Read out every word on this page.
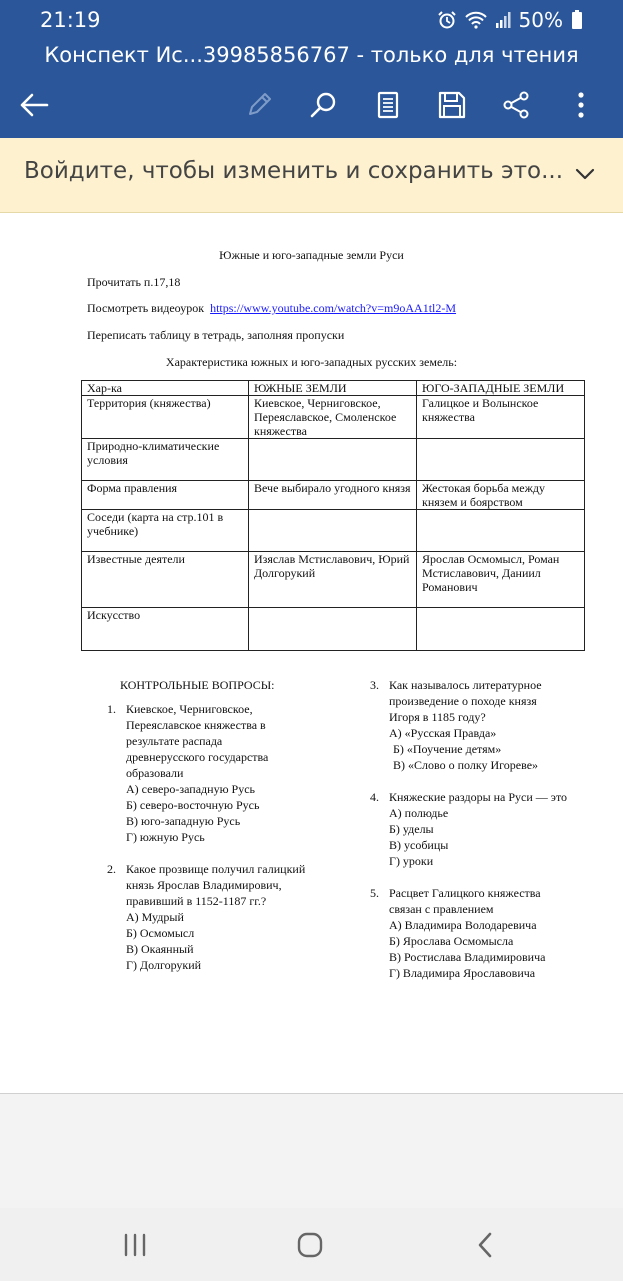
21:19	50%
Конспект Ис...39985856767 - только для чтения
Войдите, чтобы изменить и сохранить это...
Южные и юго-западные земли Руси
Прочитать п.17,18
Посмотреть видеоурок https://www.youtube.com/watch?v=m9oAA1tl2-M
Переписать таблицу в тетрадь, заполняя пропуски
Характеристика южных и юго-западных русских земель:
Хар-ка	ЮЖНЫЕ ЗЕМЛИ	ЮГО-ЗАПАДНЫЕ ЗЕМЛИ
Территория (княжества)	Киевское, Черниговское, Переяславское, Смоленское княжества	Галицкое и Волынское княжества
Природно-климатические условия		
Форма правления	Вече выбирало угодного князя	Жестокая борьба между князем и боярством
Соседи (карта на стр.101 в учебнике)		
Известные деятели	Изяслав Мстиславович, Юрий Долгорукий	Ярослав Осмомысл, Роман Мстиславович, Даниил Романович
Искусство		
КОНТРОЛЬНЫЕ ВОПРОСЫ:
1. Киевское, Черниговское,
Переяславское княжества в
результате распада
древнерусского государства
образовали
А) северо-западную Русь
Б) северо-восточную Русь
В) юго-западную Русь
Г) южную Русь
2. Какое прозвище получил галицкий
князь Ярослав Владимирович,
правивший в 1152-1187 гг.?
А) Мудрый
Б) Осмомысл
В) Окаянный
Г) Долгорукий
3. Как называлось литературное
произведение о походе князя
Игоря в 1185 году?
А) «Русская Правда»
Б) «Поучение детям»
В) «Слово о полку Игореве»
4. Княжеские раздоры на Руси — это
А) полюдье
Б) уделы
В) усобицы
Г) уроки
5. Расцвет Галицкого княжества
связан с правлением
А) Владимира Володаревича
Б) Ярослава Осмомысла
В) Ростислава Владимировича
Г) Владимира Ярославовича
